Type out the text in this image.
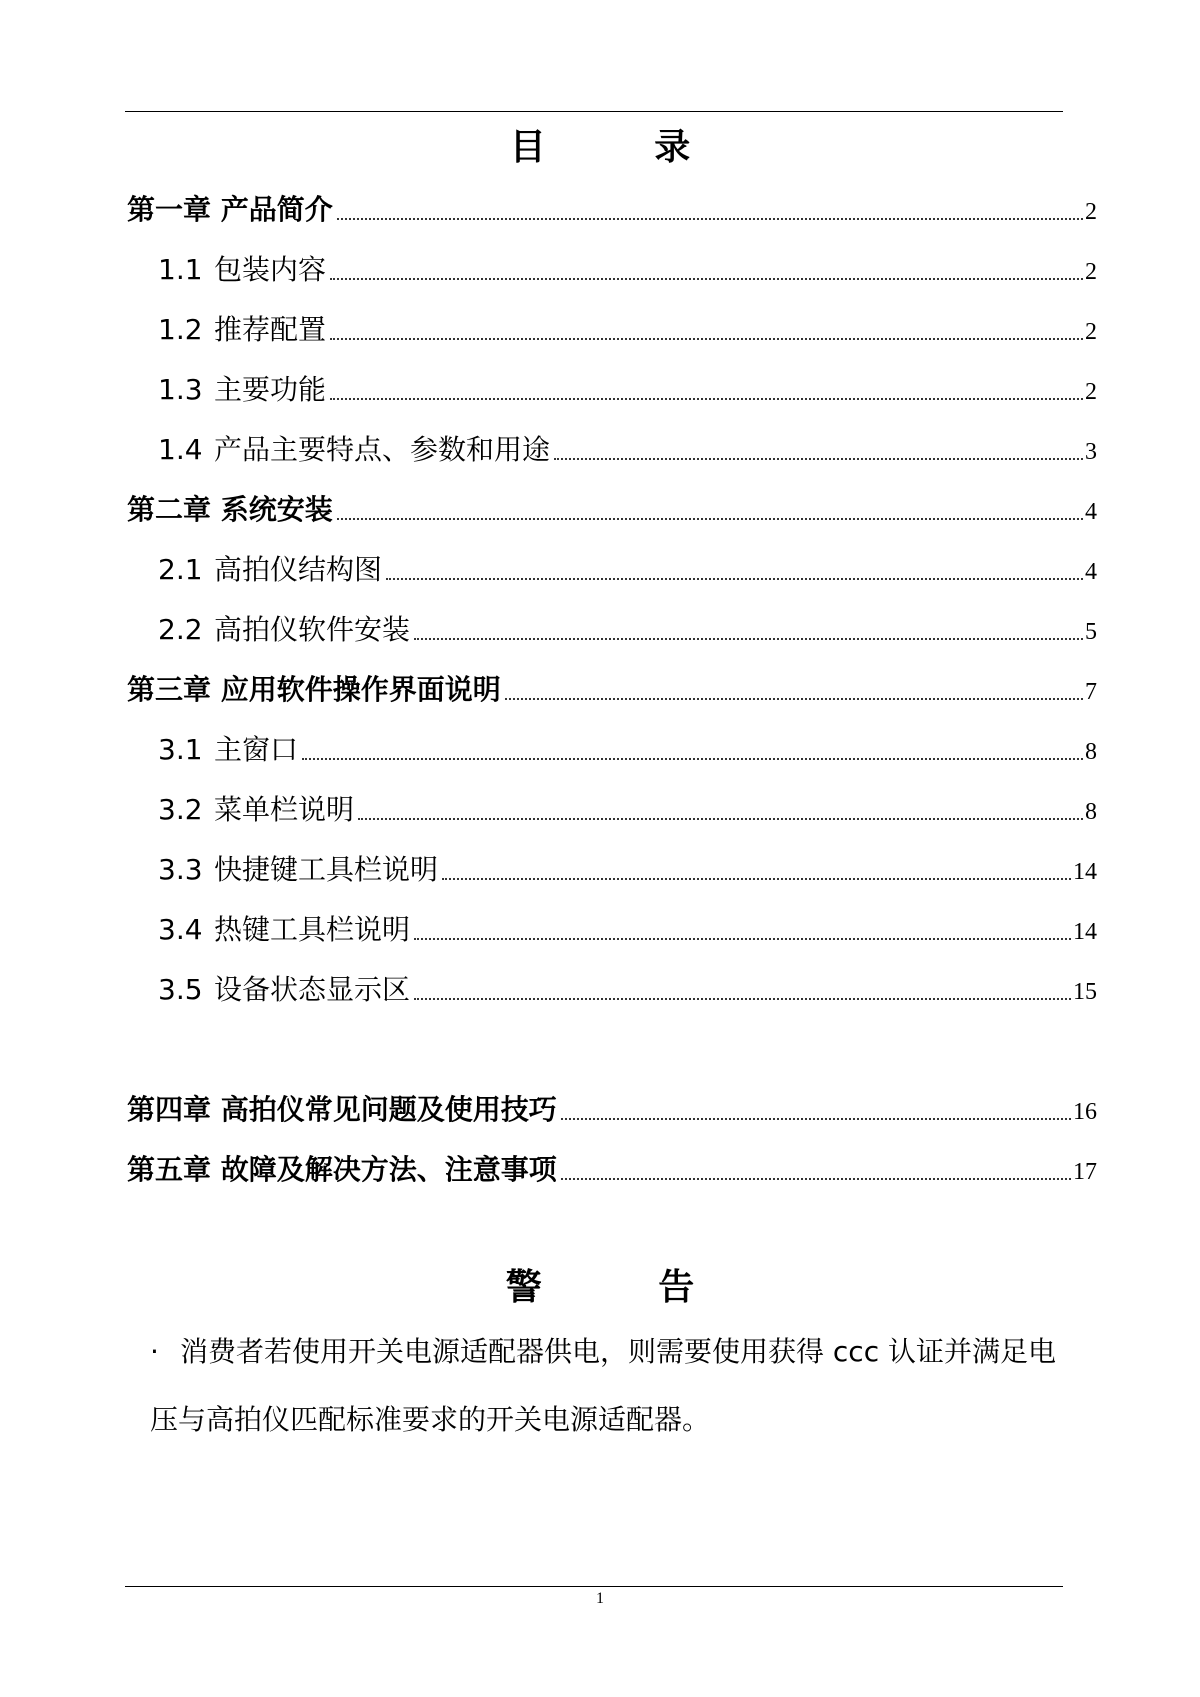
目 录
第一章 产品简介	2
1.1 包装内容	2
1.2 推荐配置	2
1.3 主要功能	2
1.4 产品主要特点、参数和用途	3
第二章 系统安装	4
2.1 高拍仪结构图	4
2.2 高拍仪软件安装	5
第三章 应用软件操作界面说明	7
3.1 主窗口	8
3.2 菜单栏说明	8
3.3 快捷键工具栏说明	14
3.4 热键工具栏说明	14
3.5 设备状态显示区	15
第四章 高拍仪常见问题及使用技巧	16
第五章 故障及解决方法、注意事项	17
警 告
· 消费者若使用开关电源适配器供电，则需要使用获得 ccc 认证并满足电压与高拍仪匹配标准要求的开关电源适配器。
1
